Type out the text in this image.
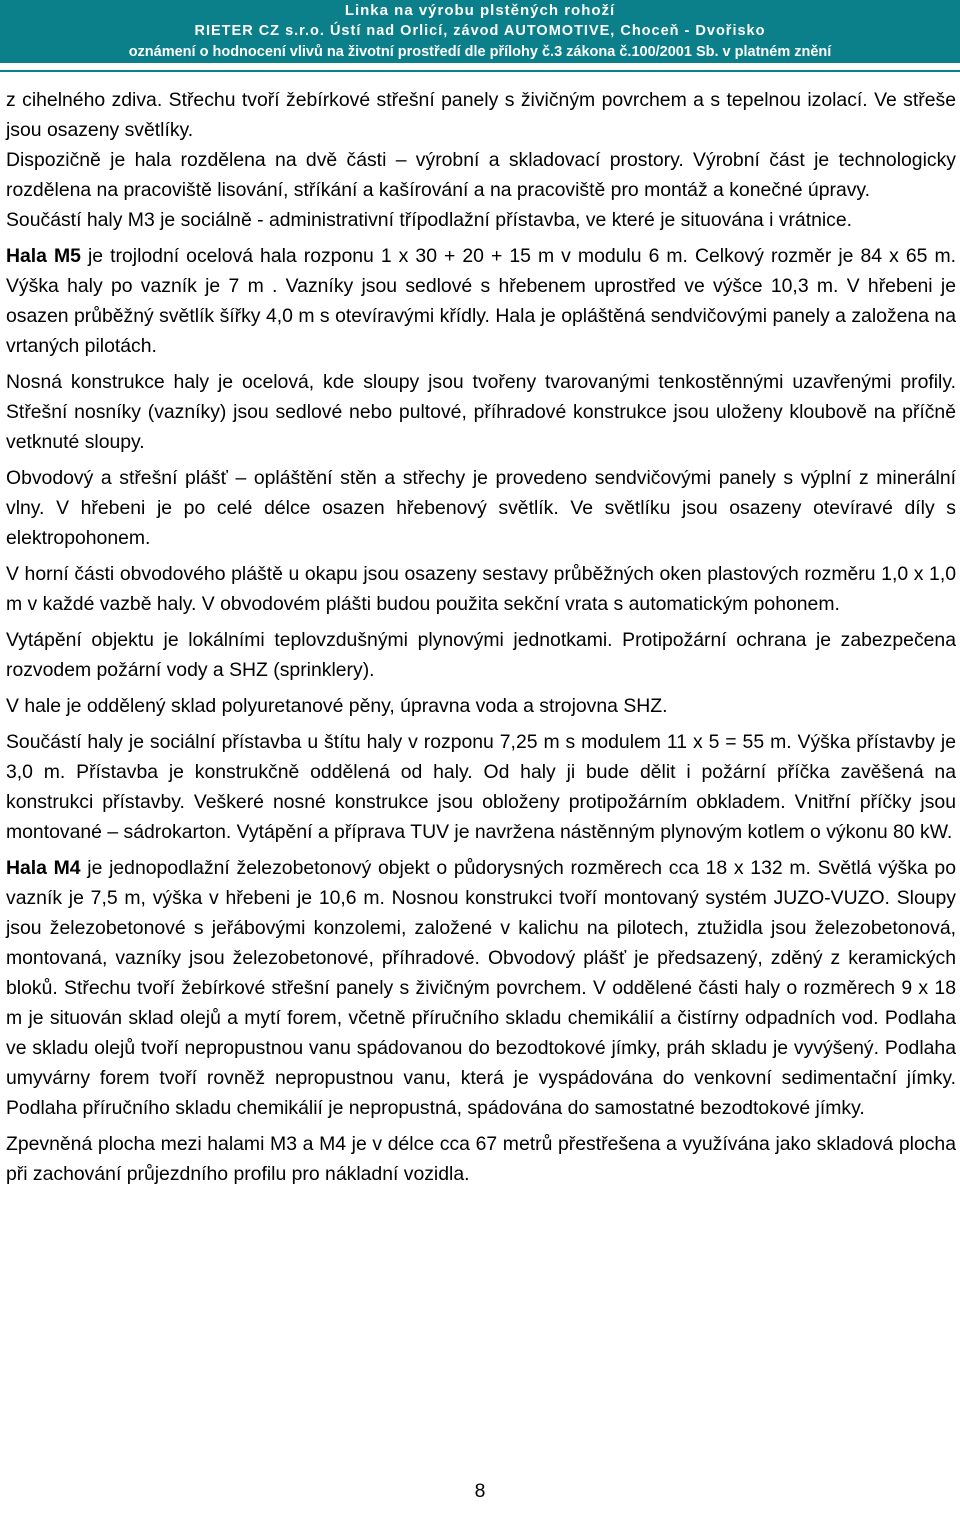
Linka na výrobu plstěných rohoží
RIETER CZ s.r.o. Ústí nad Orlicí, závod AUTOMOTIVE, Choceň - Dvořisko
oznámení o hodnocení vlivů na životní prostředí dle přílohy č.3 zákona č.100/2001 Sb. v platném znění

z cihelného zdiva. Střechu tvoří žebírkové střešní panely s živičným povrchem a s tepelnou izolací. Ve střeše jsou osazeny světlíky.

Dispozičně je hala rozdělena na dvě části – výrobní a skladovací prostory. Výrobní část je technologicky rozdělena na pracoviště lisování, stříkání a kašírování a na pracoviště pro montáž a konečné úpravy.

Součástí haly M3 je sociálně - administrativní třípodlažní přístavba, ve které je situována i vrátnice.

Hala M5 je trojlodní ocelová hala rozponu 1 x 30 + 20 + 15 m v modulu 6 m. Celkový rozměr je 84 x 65 m. Výška haly po vazník je 7 m . Vazníky jsou sedlové s hřebenem uprostřed ve výšce 10,3 m. V hřebeni je osazen průběžný světlík šířky 4,0 m s otevíravými křídly. Hala je opláštěná sendvičovými panely a založena na vrtaných pilotách.

Nosná konstrukce haly je ocelová, kde sloupy jsou tvořeny tvarovanými tenkostěnnými uzavřenými profily. Střešní nosníky (vazníky) jsou sedlové nebo pultové, příhradové konstrukce jsou uloženy kloubově na příčně vetknuté sloupy.

Obvodový a střešní plášť – opláštění stěn a střechy je provedeno sendvičovými panely s výplní z minerální vlny. V hřebeni je po celé délce osazen hřebenový světlík. Ve světlíku jsou osazeny otevíravé díly s elektropohonem.

V horní části obvodového pláště u okapu jsou osazeny sestavy průběžných oken plastových rozměru 1,0 x 1,0 m v každé vazbě haly. V obvodovém plášti budou použita sekční vrata s automatickým pohonem.

Vytápění objektu je lokálními teplovzdušnými plynovými jednotkami. Protipožární ochrana je zabezpečena rozvodem požární vody a SHZ (sprinklery).

V hale je oddělený sklad polyuretanové pěny, úpravna voda a strojovna SHZ.

Součástí haly je sociální přístavba u štítu haly v rozponu 7,25 m s modulem 11 x 5 = 55 m. Výška přístavby je 3,0 m. Přístavba je konstrukčně oddělená od haly. Od haly ji bude dělit i požární příčka zavěšená na konstrukci přístavby. Veškeré nosné konstrukce jsou obloženy protipožárním obkladem. Vnitřní příčky jsou montované – sádrokarton. Vytápění a příprava TUV je navržena nástěnným plynovým kotlem o výkonu 80 kW.

Hala M4 je jednopodlažní železobetonový objekt o půdorysných rozměrech cca 18 x 132 m. Světlá výška po vazník je 7,5 m, výška v hřebeni je 10,6 m. Nosnou konstrukci tvoří montovaný systém JUZO-VUZO. Sloupy jsou železobetonové s jeřábovými konzolemi, založené v kalichu na pilotech, ztužidla jsou železobetonová, montovaná, vazníky jsou železobetonové, příhradové. Obvodový plášť je předsazený, zděný z keramických bloků. Střechu tvoří žebírkové střešní panely s živičným povrchem. V oddělené části haly o rozměrech 9 x 18 m je situován sklad olejů a mytí forem, včetně příručního skladu chemikálií a čistírny odpadních vod. Podlaha ve skladu olejů tvoří nepropustnou vanu spádovanou do bezodtokové jímky, práh skladu je vyvýšený. Podlaha umyvárny forem tvoří rovněž nepropustnou vanu, která je vyspádována do venkovní sedimentační jímky. Podlaha příručního skladu chemikálií je nepropustná, spádována do samostatné bezodtokové jímky.

Zpevněná plocha mezi halami M3 a M4 je v délce cca 67 metrů přestřešena a využívána jako skladová plocha při zachování průjezdního profilu pro nákladní vozidla.

8
